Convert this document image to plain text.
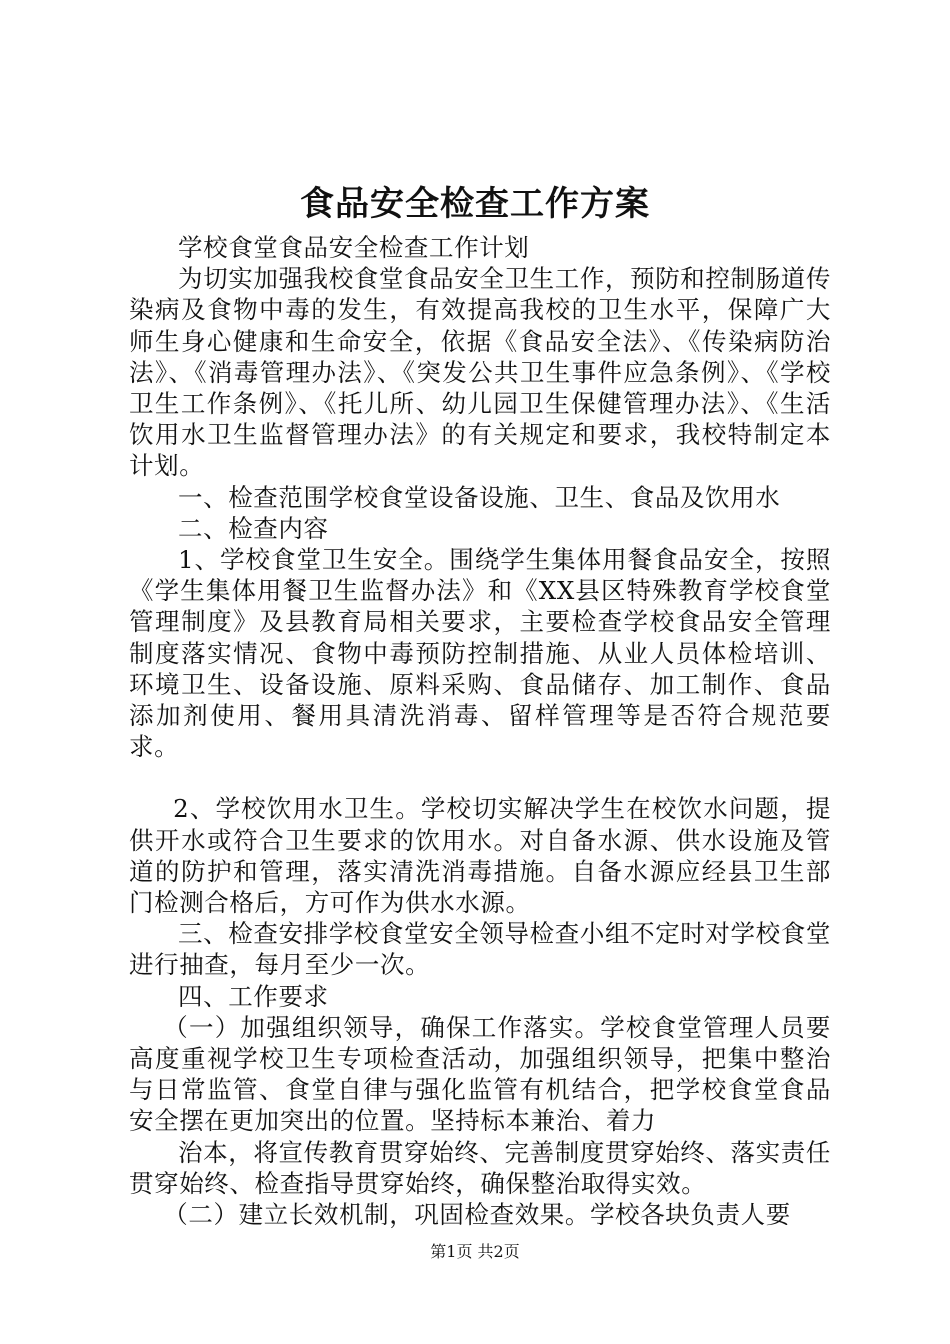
食品安全检查工作方案

学校食堂食品安全检查工作计划

为切实加强我校食堂食品安全卫生工作，预防和控制肠道传染病及食物中毒的发生，有效提高我校的卫生水平，保障广大师生身心健康和生命安全，依据《食品安全法》、《传染病防治法》、《消毒管理办法》、《突发公共卫生事件应急条例》、《学校卫生工作条例》、《托儿所、幼儿园卫生保健管理办法》、《生活饮用水卫生监督管理办法》的有关规定和要求，我校特制定本计划。

一、检查范围学校食堂设备设施、卫生、食品及饮用水

二、检查内容

1、学校食堂卫生安全。围绕学生集体用餐食品安全，按照《学生集体用餐卫生监督办法》和《XX县区特殊教育学校食堂管理制度》及县教育局相关要求，主要检查学校食品安全管理制度落实情况、食物中毒预防控制措施、从业人员体检培训、环境卫生、设备设施、原料采购、食品储存、加工制作、食品添加剂使用、餐用具清洗消毒、留样管理等是否符合规范要求。

2、学校饮用水卫生。学校切实解决学生在校饮水问题，提供开水或符合卫生要求的饮用水。对自备水源、供水设施及管道的防护和管理，落实清洗消毒措施。自备水源应经县卫生部门检测合格后，方可作为供水水源。

三、检查安排学校食堂安全领导检查小组不定时对学校食堂进行抽查，每月至少一次。

四、工作要求

（一）加强组织领导，确保工作落实。学校食堂管理人员要高度重视学校卫生专项检查活动，加强组织领导，把集中整治与日常监管、食堂自律与强化监管有机结合，把学校食堂食品安全摆在更加突出的位置。坚持标本兼治、着力

治本，将宣传教育贯穿始终、完善制度贯穿始终、落实责任贯穿始终、检查指导贯穿始终，确保整治取得实效。

（二）建立长效机制，巩固检查效果。学校各块负责人要

第1页 共2页
